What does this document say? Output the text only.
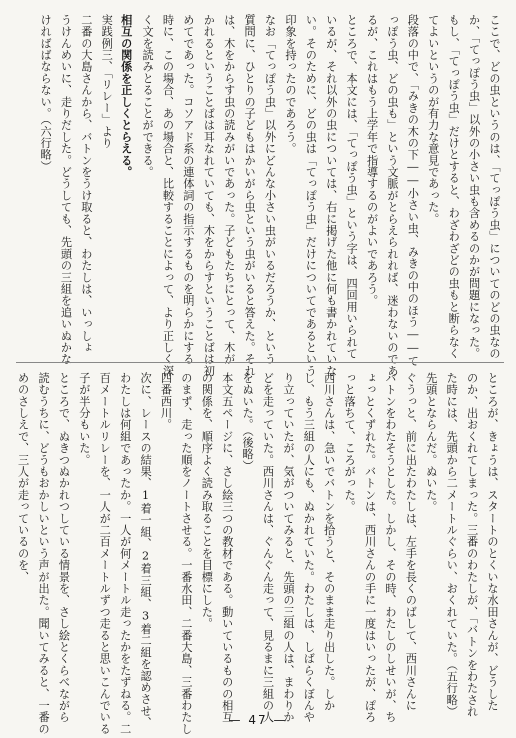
ここで、どの虫というのは、「てっぽう虫」についてのどの虫なの

か、「てっぽう虫」以外の小さい虫も含めるのかが問題になった。

もし、「てっぽう虫」だけとすると、わざわざどの虫もと断らなく

てよいというのが有力な意見であった。

段落の中で、「みきの木の下――小さい虫、みきの中のほう――て

っぽう虫、どの虫も」という文脈がとらえられれば、迷わないのであ

るが、これはもう上学年で指導するのがよいであろう。

ところで、本文には、「てっぽう虫」という字は、四回用いられて

いるが、それ以外の虫については、右に掲げた他に何も書かれていな

い。そのために、どの虫は「てっぽう虫」だけについてであるという

印象を持ったのであろう。

なお「てっぽう虫」以外にどんな小さい虫がいるだろうか、という

質問に、ひとりの子どもはかいがら虫という虫がいると答えた。それ

は、木をからす虫の読みがいであった。子どもたちにとって、木が

かれるということばは耳なれていても、木をからすということばは初

めてであった。コソアド系の連体詞の指示するものを明らかにする

時に、この場合、あの場合と、比較することによって、より正しく深

く文を読みとることができる。

相互の関係を正しくとらえる。

実践例三、「リレー」より

二番の大島さんから、バトンをうけ取ると、わたしは、いっしょ

うけんめいに、走りだした。どうしても、先頭の三組を追いぬかな

ければばならない。（六行略）

ところが、きょうは、スタートのとくいな水田さんが、どうした

のか、出おくれてしまった。三番のわたしが、「バトンをわたされ

た時には、先頭から二メートルぐらい、おくれていた。（五行略）

先頭とならんだ。ぬいた。

ぐうっと、前に出たわたしは、左手を長くのばして、西川さんに

バトンをわたそうとした。しかし、その時、わたしのしせいが、ち

ょっとくずれた。バトンは、西川さんの手に一度はいったが、ぽろ

っと落ちて、ころがった。

西川さんは、急いでバトンを拾うと、そのまま走り出した。しか

し、もう三組の人にも、ぬかれていた。わたしは、しばらくぼんや

り立っていたが、気がついてみると、先頭の三組の人は、まわりか

どを走っていた。西川さんは、ぐんぐん走って、見るまに三組の人

をぬいた。（後略）

本文五ページに、さし絵三つの教材である。動いているものの相互

の関係を、順序よく読み取ることを目標にした。

のまず、走った順をノートさせる。一番水田、二番大島、三番わたし

四番西川。

次に、レースの結果、1着一組、2着三組、3着二組を認めさせ、

わたしは何組であったか。一人が何メートル走ったかをたずねる。二

百メートルリレーを、一人が二百メートルずつ走ると思いこんでいる

子が半分もいた。

ところで、ぬきつぬかれつしている情景を、さし絵とくらべながら

読むうちに、どうもおかしいという声が出た。聞いてみると、一番の

めのさしえで、三人が走っているのを、

— 47 —
